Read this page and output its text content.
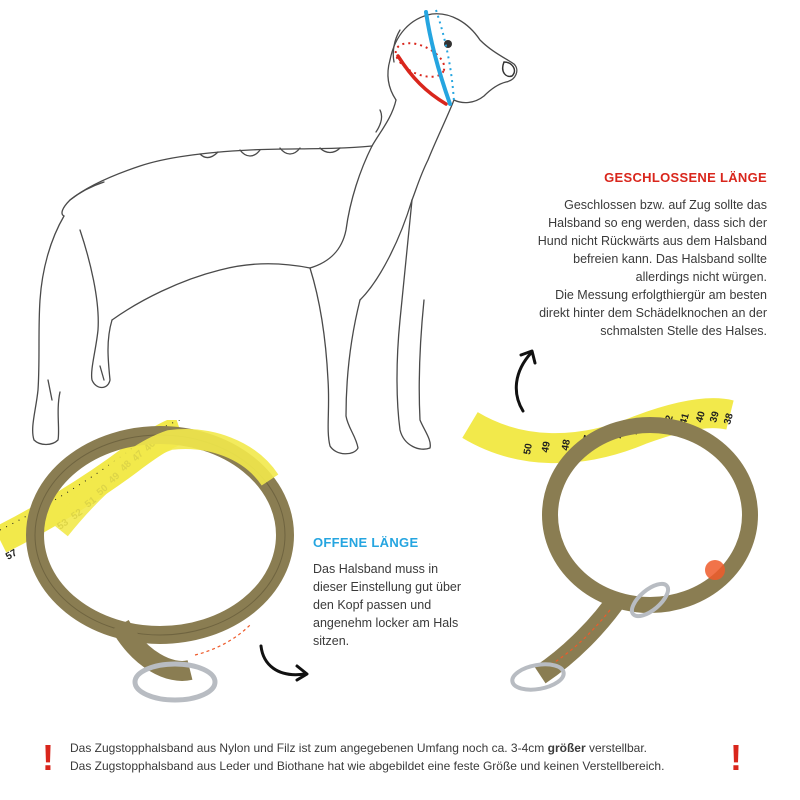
57
53
52
51
50
49
48
47
46
45
50 49 48 47 46 45 44 43 42 41 40 39 38
GESCHLOSSENE LÄNGE
Geschlossen bzw. auf Zug sollte das
Halsband so eng werden, dass sich der
Hund nicht Rückwärts aus dem Halsband
befreien kann. Das Halsband sollte
allerdings nicht würgen.
Die Messung erfolgthiergür am besten
direkt hinter dem Schädelknochen an der
schmalsten Stelle des Halses.
OFFENE LÄNGE
Das Halsband muss in
dieser Einstellung gut über
den Kopf passen und
angenehm locker am Hals
sitzen.
! Das Zugstopphalsband aus Nylon und Filz ist zum angegebenen Umfang noch ca. 3-4cm größer verstellbar.
Das Zugstopphalsband aus Leder und Biothane hat wie abgebildet eine feste Größe und keinen Verstellbereich.	!
